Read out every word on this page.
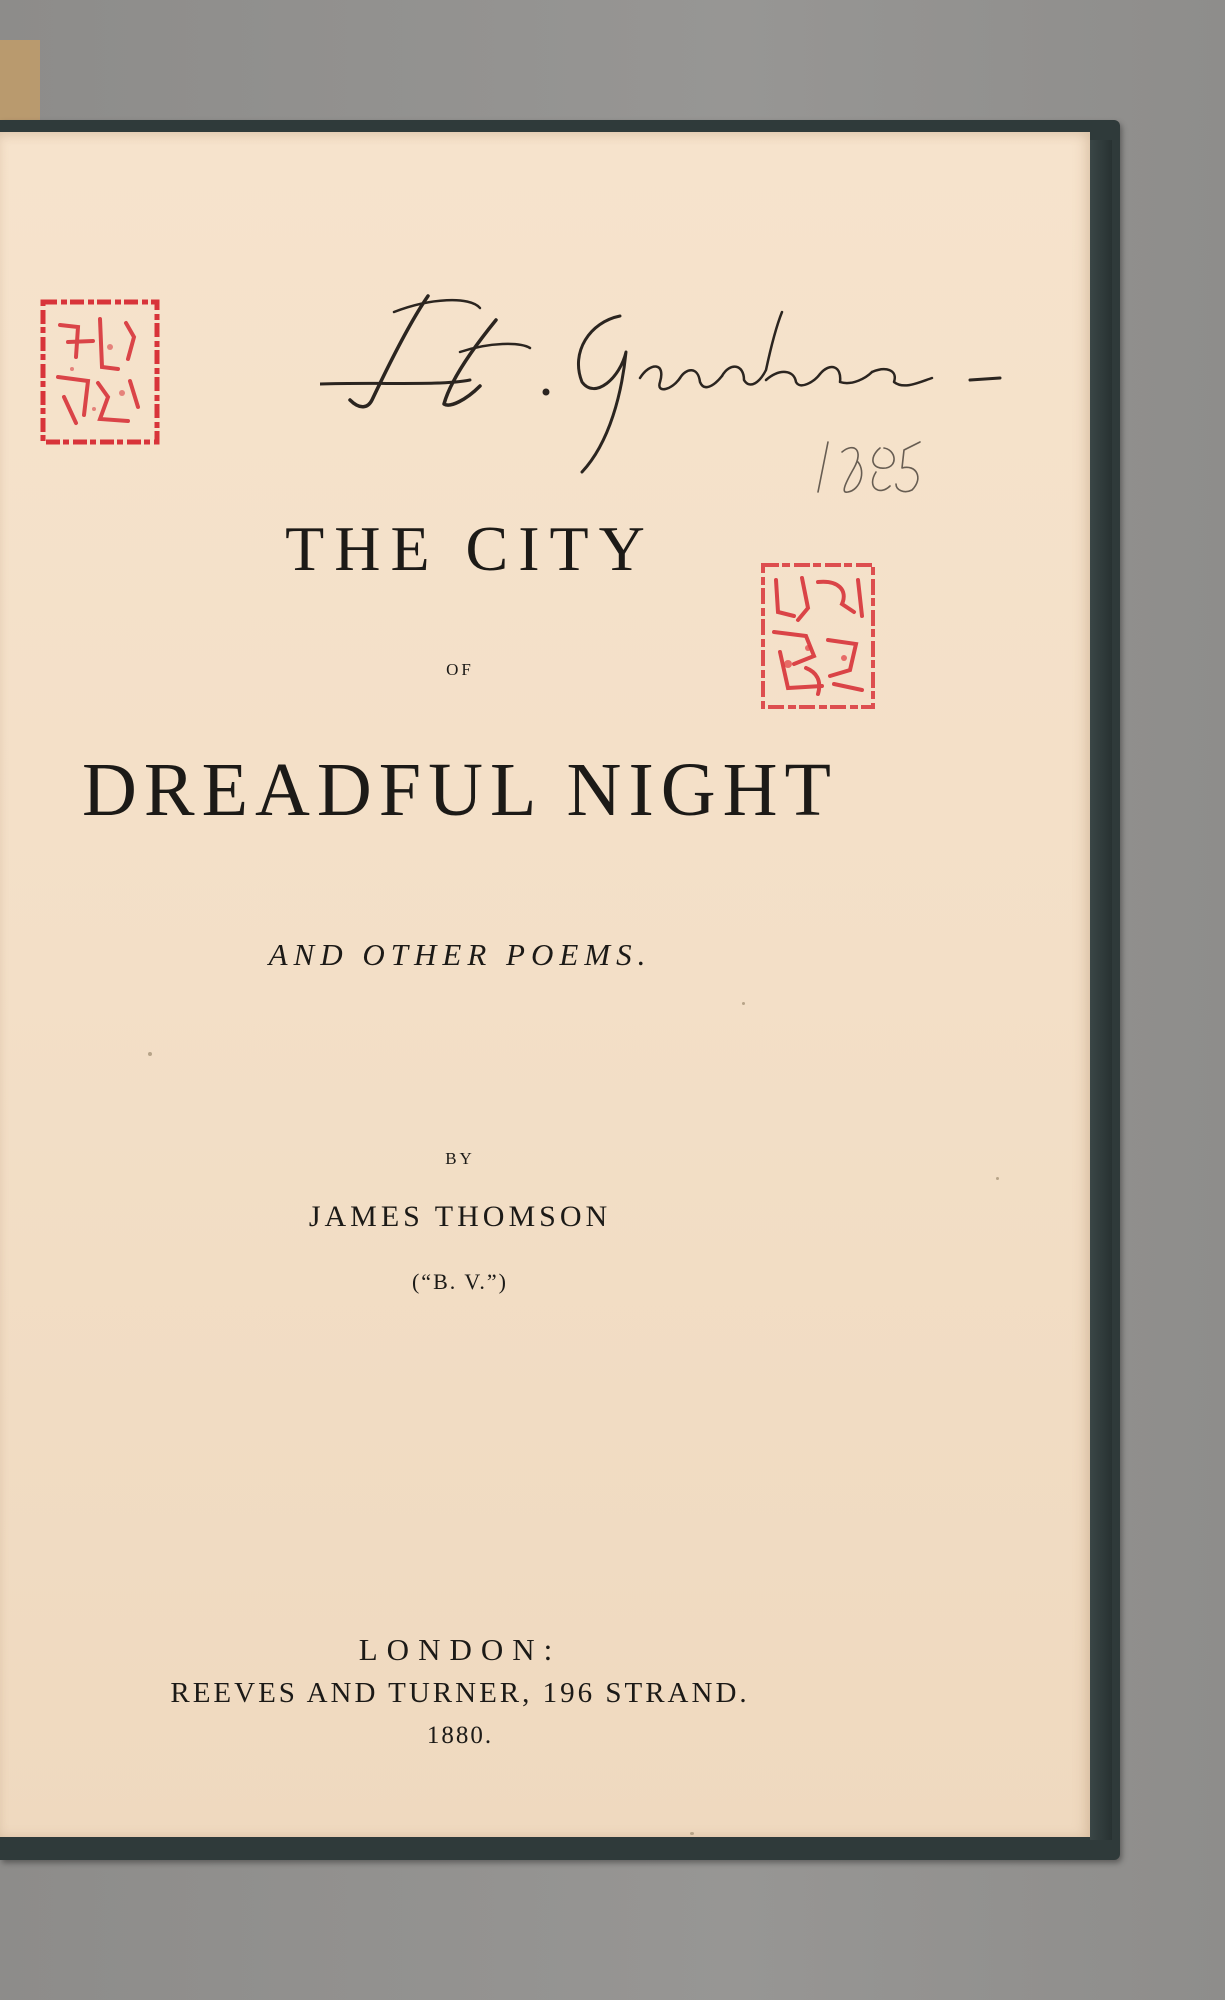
THE CITY
OF
DREADFUL NIGHT
AND OTHER POEMS.
BY
JAMES THOMSON
(“B. V.”)
LONDON:
REEVES AND TURNER, 196 STRAND.
1880.
